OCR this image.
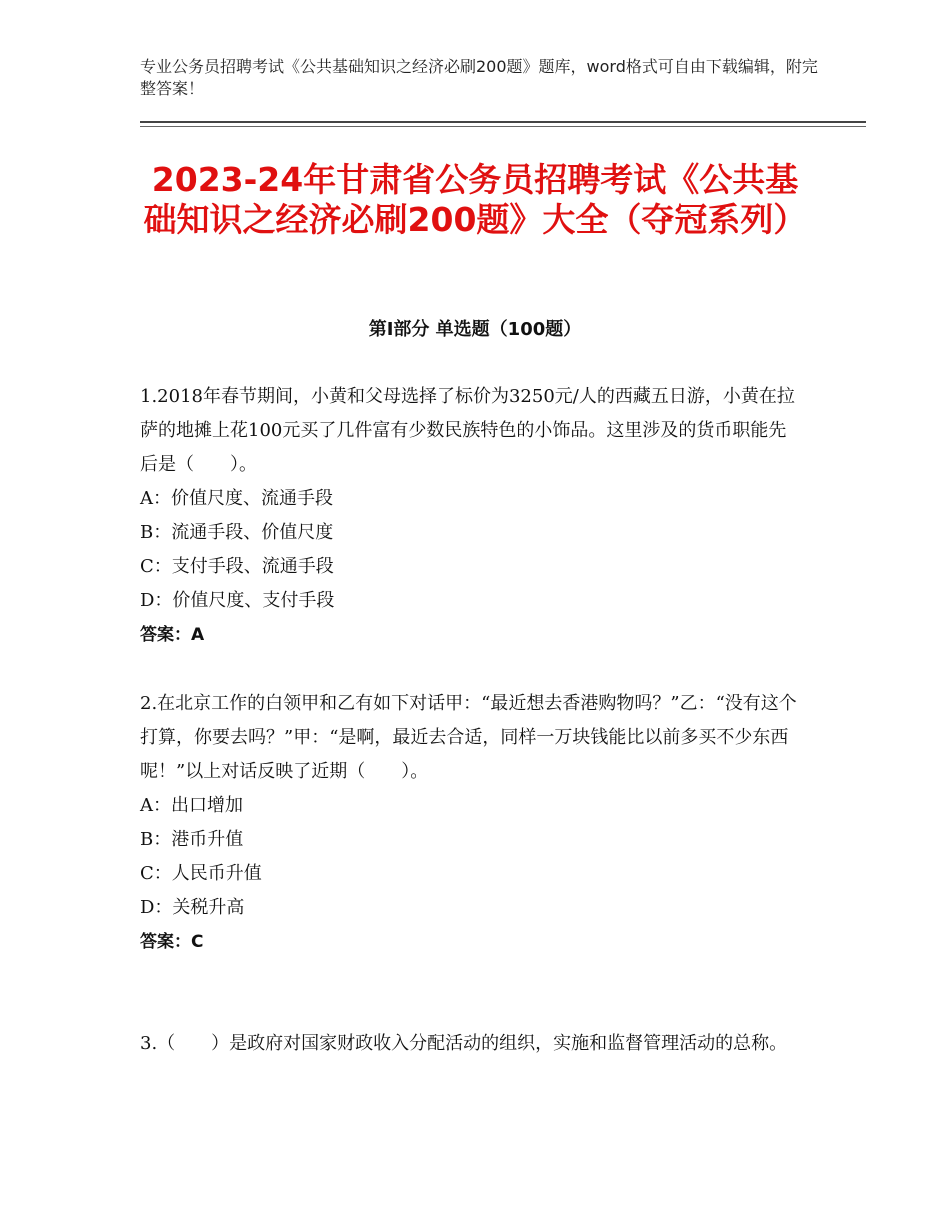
专业公务员招聘考试《公共基础知识之经济必刷200题》题库，word格式可自由下载编辑，附完整答案！
2023-24年甘肃省公务员招聘考试《公共基础知识之经济必刷200题》大全（夺冠系列）
第Ⅰ部分 单选题（100题）

1.2018年春节期间，小黄和父母选择了标价为3250元/人的西藏五日游，小黄在拉萨的地摊上花100元买了几件富有少数民族特色的小饰品。这里涉及的货币职能先后是（　　）。

A：价值尺度、流通手段

B：流通手段、价值尺度

C：支付手段、流通手段

D：价值尺度、支付手段

答案：A

2.在北京工作的白领甲和乙有如下对话甲：“最近想去香港购物吗？”乙：“没有这个打算，你要去吗？”甲：“是啊，最近去合适，同样一万块钱能比以前多买不少东西呢！”以上对话反映了近期（　　）。

A：出口增加

B：港币升值

C：人民币升值

D：关税升高

答案：C

3.（　　）是政府对国家财政收入分配活动的组织，实施和监督管理活动的总称。
